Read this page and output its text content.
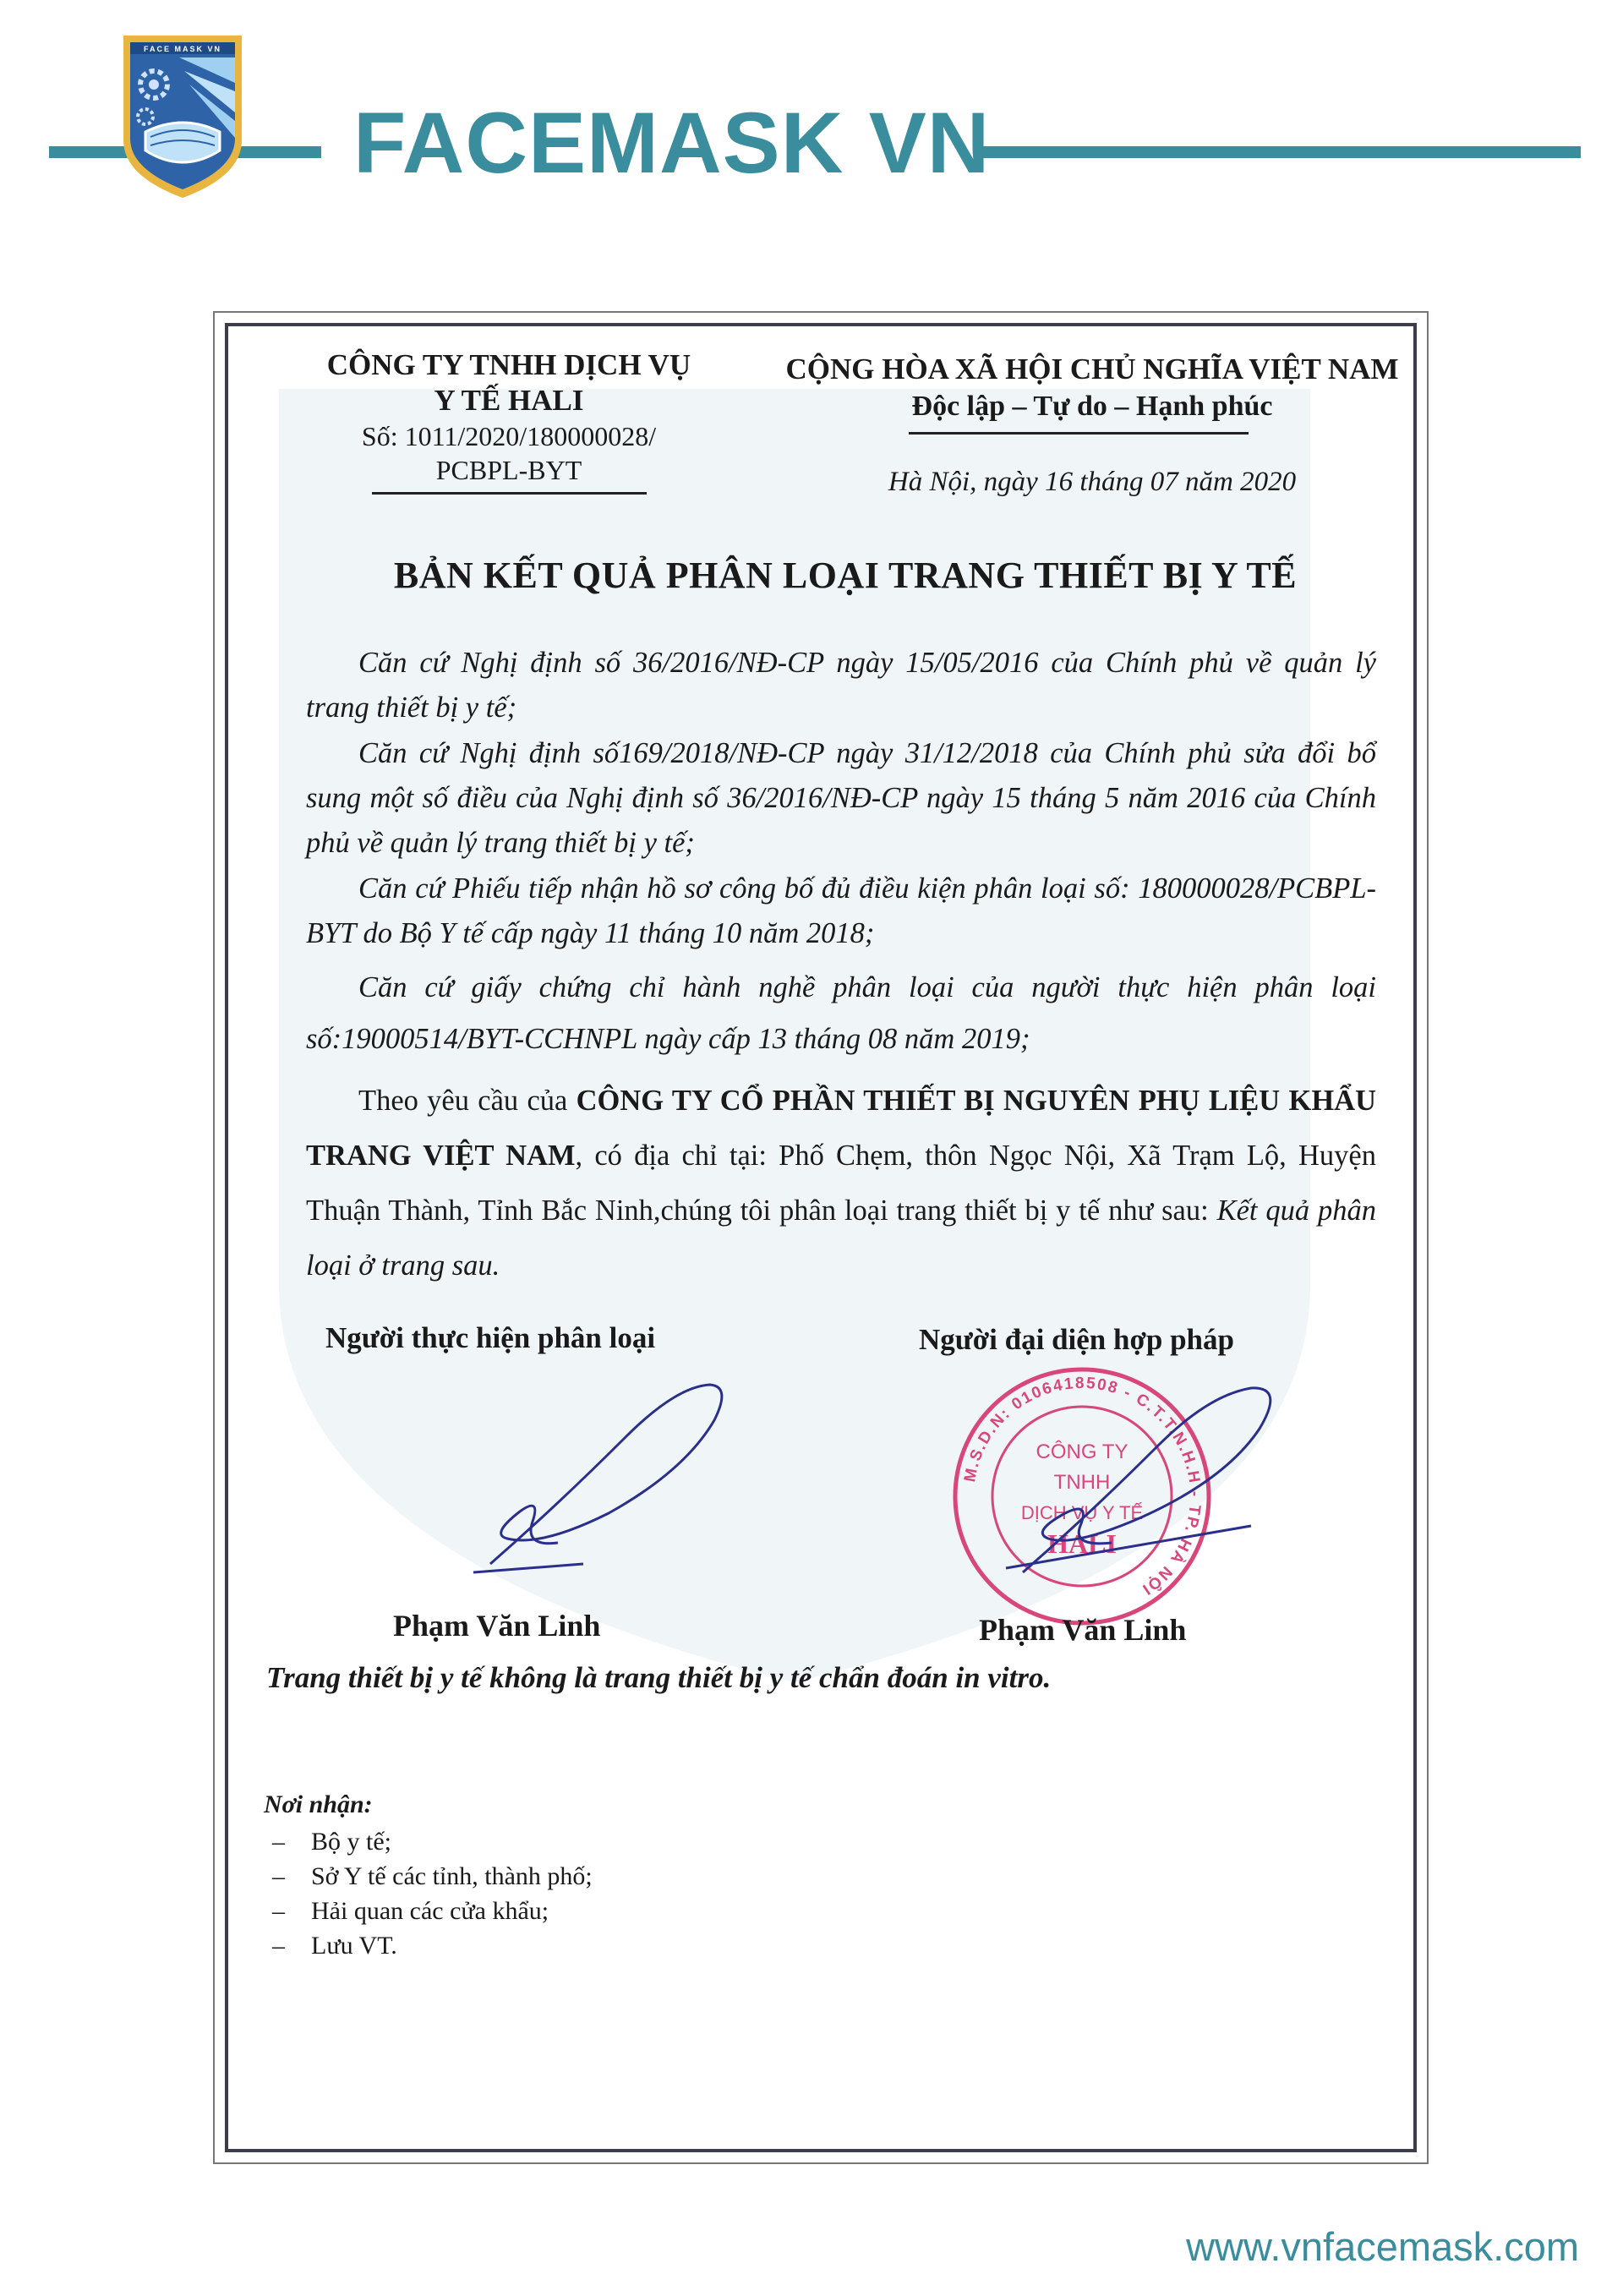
FACE MASK VN
FACEMASK VN
CÔNG TY TNHH DỊCH VỤ
Y TẾ HALI
Số: 1011/2020/180000028/
PCBPL-BYT
CỘNG HÒA XÃ HỘI CHỦ NGHĨA VIỆT NAM
Độc lập – Tự do – Hạnh phúc
Hà Nội, ngày 16 tháng 07 năm 2020
BẢN KẾT QUẢ PHÂN LOẠI TRANG THIẾT BỊ Y TẾ

Căn cứ Nghị định số 36/2016/NĐ-CP ngày 15/05/2016 của Chính phủ về quản lý trang thiết bị y tế;

Căn cứ Nghị định số169/2018/NĐ-CP ngày 31/12/2018 của Chính phủ sửa đổi bổ sung một số điều của Nghị định số 36/2016/NĐ-CP ngày 15 tháng 5 năm 2016 của Chính phủ về quản lý trang thiết bị y tế;

Căn cứ Phiếu tiếp nhận hồ sơ công bố đủ điều kiện phân loại số: 180000028/PCBPL-BYT do Bộ Y tế cấp ngày 11 tháng 10 năm 2018;

Căn cứ giấy chứng chỉ hành nghề phân loại của người thực hiện phân loại số:19000514/BYT-CCHNPL ngày cấp 13 tháng 08 năm 2019;

Theo yêu cầu của CÔNG TY CỔ PHẦN THIẾT BỊ NGUYÊN PHỤ LIỆU KHẨU TRANG VIỆT NAM, có địa chỉ tại: Phố Chẹm, thôn Ngọc Nội, Xã Trạm Lộ, Huyện Thuận Thành, Tỉnh Bắc Ninh,chúng tôi phân loại trang thiết bị y tế như sau: Kết quả phân loại ở trang sau.

Người thực hiện phân loại	Người đại diện hợp pháp
M.S.D.N: 0106418508 - C.T.T.N.H.H - TP. HÀ NỘI
CÔNG TY
TNHH
DỊCH VỤ Y TẾ
HALI
Phạm Văn Linh	Phạm Văn Linh
Trang thiết bị y tế không là trang thiết bị y tế chẩn đoán in vitro.
Nơi nhận:
– Bộ y tế;
– Sở Y tế các tỉnh, thành phố;
– Hải quan các cửa khẩu;
– Lưu VT.
www.vnfacemask.com
